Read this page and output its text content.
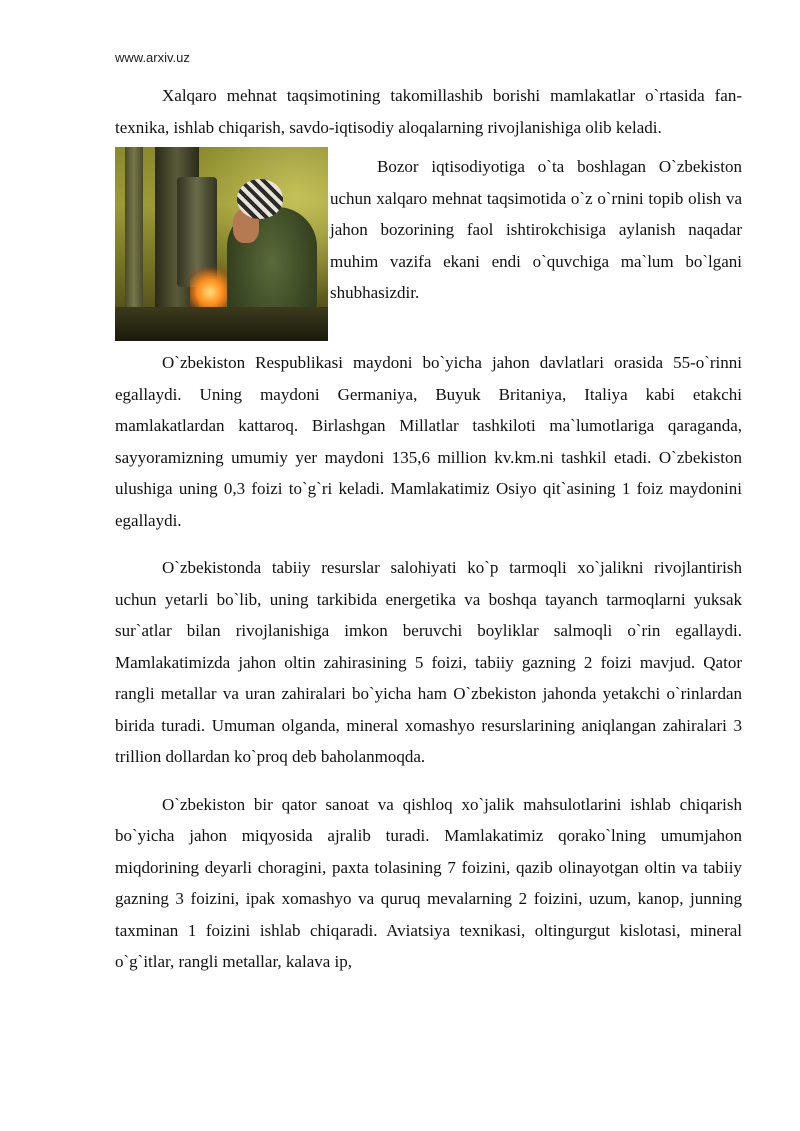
www.arxiv.uz

Xalqaro mehnat taqsimotining takomillashib borishi mamlakatlar o`rtasida fan-texnika, ishlab chiqarish, savdo-iqtisodiy aloqalarning rivojlanishiga olib keladi.

Bozor iqtisodiyotiga o`ta boshlagan O`zbekiston uchun xalqaro mehnat taqsimotida o`z o`rnini topib olish va jahon bozorining faol ishtirokchisiga aylanish naqadar muhim vazifa ekani endi o`quvchiga ma`lum bo`lgani shubhasizdir.

O`zbekiston Respublikasi maydoni bo`yicha jahon davlatlari orasida 55-o`rinni egallaydi. Uning maydoni Germaniya, Buyuk Britaniya, Italiya kabi etakchi mamlakatlardan kattaroq. Birlashgan Millatlar tashkiloti ma`lumotlariga qaraganda, sayyoramizning umumiy yer maydoni 135,6 million kv.km.ni tashkil etadi. O`zbekiston ulushiga uning 0,3 foizi to`g`ri keladi. Mamlakatimiz Osiyo qit`asining 1 foiz maydonini egallaydi.

O`zbekistonda tabiiy resurslar salohiyati ko`p tarmoqli xo`jalikni rivojlantirish uchun yetarli bo`lib, uning tarkibida energetika va boshqa tayanch tarmoqlarni yuksak sur`atlar bilan rivojlanishiga imkon beruvchi boyliklar salmoqli o`rin egallaydi. Mamlakatimizda jahon oltin zahirasining 5 foizi, tabiiy gazning 2 foizi mavjud. Qator rangli metallar va uran zahiralari bo`yicha ham O`zbekiston jahonda yetakchi o`rinlardan birida turadi. Umuman olganda, mineral xomashyo resurslarining aniqlangan zahiralari 3 trillion dollardan ko`proq deb baholanmoqda.

O`zbekiston bir qator sanoat va qishloq xo`jalik mahsulotlarini ishlab chiqarish bo`yicha jahon miqyosida ajralib turadi. Mamlakatimiz qorako`lning umumjahon miqdorining deyarli choragini, paxta tolasining 7 foizini, qazib olinayotgan oltin va tabiiy gazning 3 foizini, ipak xomashyo va quruq mevalarning 2 foizini, uzum, kanop, junning taxminan 1 foizini ishlab chiqaradi. Aviatsiya texnikasi, oltingurgut kislotasi, mineral o`g`itlar, rangli metallar, kalava ip,
